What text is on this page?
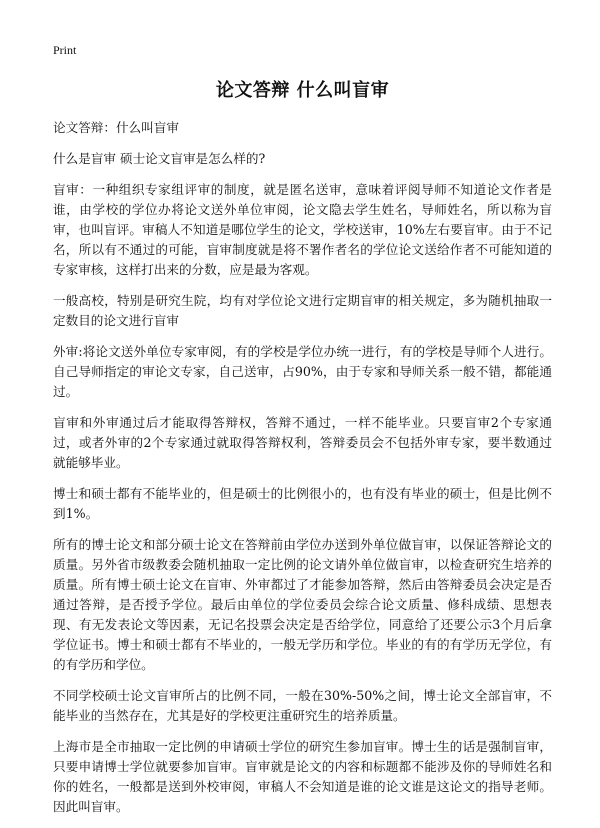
Print
论文答辩 什么叫盲审
论文答辩：什么叫盲审
什么是盲审 硕士论文盲审是怎么样的?
盲审：一种组织专家组评审的制度，就是匿名送审，意味着评阅导师不知道论文作者是谁，由学校的学位办将论文送外单位审阅，论文隐去学生姓名，导师姓名，所以称为盲审，也叫盲评。审稿人不知道是哪位学生的论文，学校送审，10%左右要盲审。由于不记名，所以有不通过的可能，盲审制度就是将不署作者名的学位论文送给作者不可能知道的专家审核，这样打出来的分数，应是最为客观。
一般高校，特别是研究生院，均有对学位论文进行定期盲审的相关规定，多为随机抽取一定数目的论文进行盲审
外审:将论文送外单位专家审阅，有的学校是学位办统一进行，有的学校是导师个人进行。自己导师指定的审论文专家，自己送审，占90%，由于专家和导师关系一般不错，都能通过。
盲审和外审通过后才能取得答辩权，答辩不通过，一样不能毕业。只要盲审2个专家通过，或者外审的2个专家通过就取得答辩权利，答辩委员会不包括外审专家，要半数通过就能够毕业。
博士和硕士都有不能毕业的，但是硕士的比例很小的，也有没有毕业的硕士，但是比例不到1%。
所有的博士论文和部分硕士论文在答辩前由学位办送到外单位做盲审，以保证答辩论文的质量。另外省市级教委会随机抽取一定比例的论文请外单位做盲审，以检查研究生培养的质量。所有博士硕士论文在盲审、外审都过了才能参加答辩，然后由答辩委员会决定是否通过答辩，是否授予学位。最后由单位的学位委员会综合论文质量、修科成绩、思想表现、有无发表论文等因素，无记名投票会决定是否给学位，同意给了还要公示3个月后拿学位证书。博士和硕士都有不毕业的，一般无学历和学位。毕业的有的有学历无学位，有的有学历和学位。
不同学校硕士论文盲审所占的比例不同，一般在30%-50%之间，博士论文全部盲审，不能毕业的当然存在，尤其是好的学校更注重研究生的培养质量。
上海市是全市抽取一定比例的申请硕士学位的研究生参加盲审。博士生的话是强制盲审，只要申请博士学位就要参加盲审。盲审就是论文的内容和标题都不能涉及你的导师姓名和你的姓名，一般都是送到外校审阅，审稿人不会知道是谁的论文谁是这论文的指导老师。因此叫盲审。
